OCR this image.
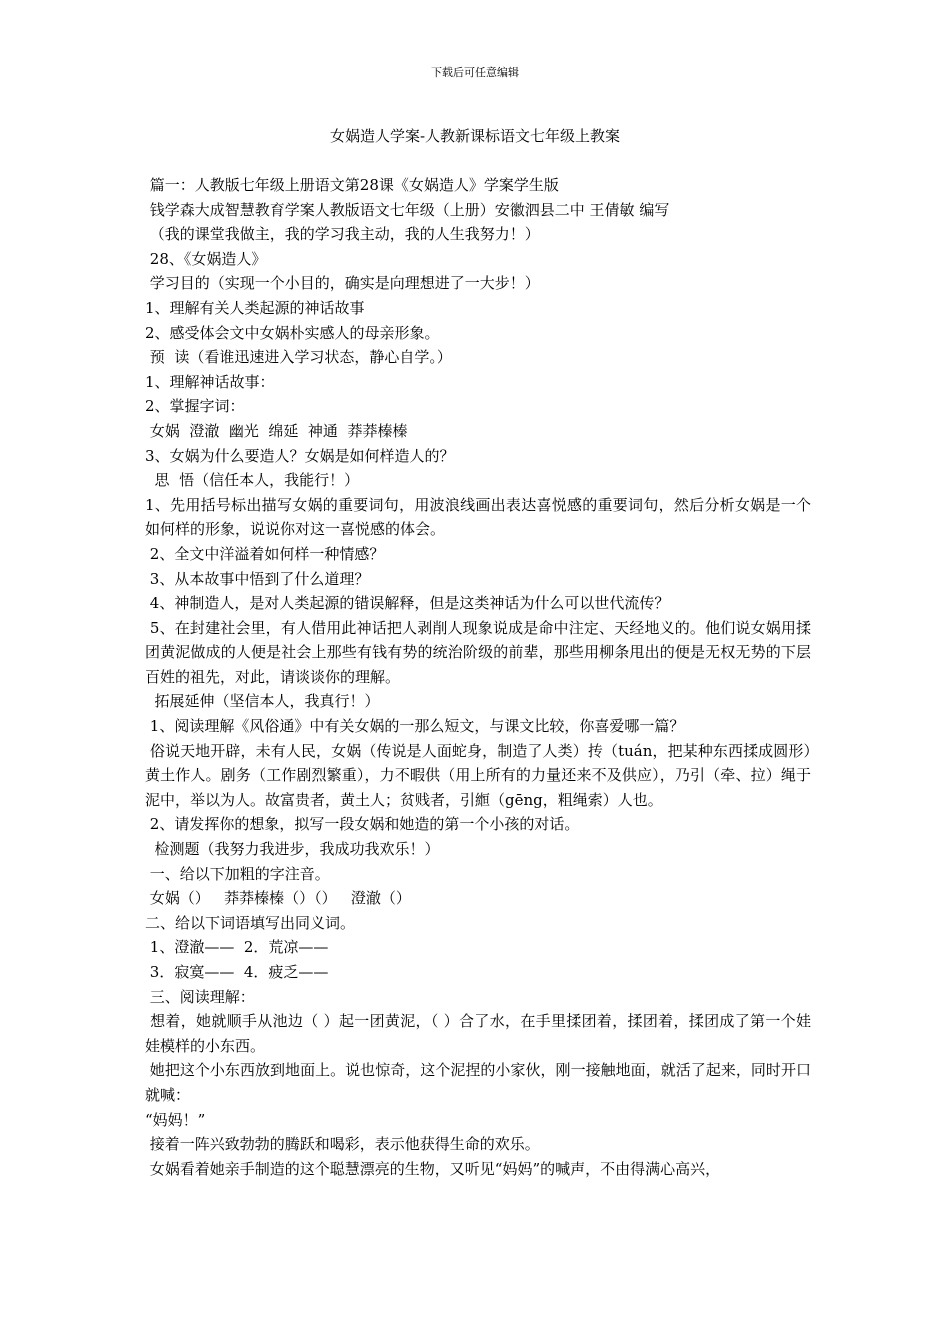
下载后可任意编辑
女娲造人学案-人教新课标语文七年级上教案

篇一：人教版七年级上册语文第28课《女娲造人》学案学生版

钱学森大成智慧教育学案人教版语文七年级（上册）安徽泗县二中 王倩敏 编写

（我的课堂我做主，我的学习我主动，我的人生我努力！）

28、《女娲造人》

学习目的（实现一个小目的，确实是向理想进了一大步！）

1、理解有关人类起源的神话故事

2、感受体会文中女娲朴实感人的母亲形象。

预  读（看谁迅速进入学习状态，静心自学。）

1、理解神话故事：

2、掌握字词：

女娲  澄澈  幽光  绵延  神通  莽莽榛榛

3、女娲为什么要造人？女娲是如何样造人的？

思  悟（信任本人，我能行！）

1、先用括号标出描写女娲的重要词句，用波浪线画出表达喜悦感的重要词句，然后分析女娲是一个如何样的形象，说说你对这一喜悦感的体会。

2、全文中洋溢着如何样一种情感？

3、从本故事中悟到了什么道理？

4、神制造人，是对人类起源的错误解释，但是这类神话为什么可以世代流传？

5、在封建社会里，有人借用此神话把人剥削人现象说成是命中注定、天经地义的。他们说女娲用揉团黄泥做成的人便是社会上那些有钱有势的统治阶级的前辈，那些用柳条甩出的便是无权无势的下层百姓的祖先，对此，请谈谈你的理解。

拓展延伸（坚信本人，我真行！）

1、阅读理解《风俗通》中有关女娲的一那么短文，与课文比较，你喜爱哪一篇？

俗说天地开辟，未有人民，女娲（传说是人面蛇身，制造了人类）抟（tuán，把某种东西揉成圆形）黄土作人。剧务（工作剧烈繁重），力不暇供（用上所有的力量还来不及供应），乃引（牵、拉）绳于泥中，举以为人。故富贵者，黄土人；贫贱者，引縆（gēng，粗绳索）人也。

2、请发挥你的想象，拟写一段女娲和她造的第一个小孩的对话。

检测题（我努力我进步，我成功我欢乐！）

一、给以下加粗的字注音。

女娲（）   莽莽榛榛（）（）   澄澈（）

二、给以下词语填写出同义词。

1、澄澈——  2．荒凉——

3．寂寞——  4．疲乏——

三、阅读理解：

想着，她就顺手从池边（ ）起一团黄泥，（ ）合了水，在手里揉团着，揉团着，揉团成了第一个娃娃模样的小东西。

她把这个小东西放到地面上。说也惊奇，这个泥捏的小家伙，刚一接触地面，就活了起来，同时开口就喊：

“妈妈！”

接着一阵兴致勃勃的腾跃和喝彩，表示他获得生命的欢乐。

女娲看着她亲手制造的这个聪慧漂亮的生物，又听见“妈妈”的喊声，不由得满心高兴，
